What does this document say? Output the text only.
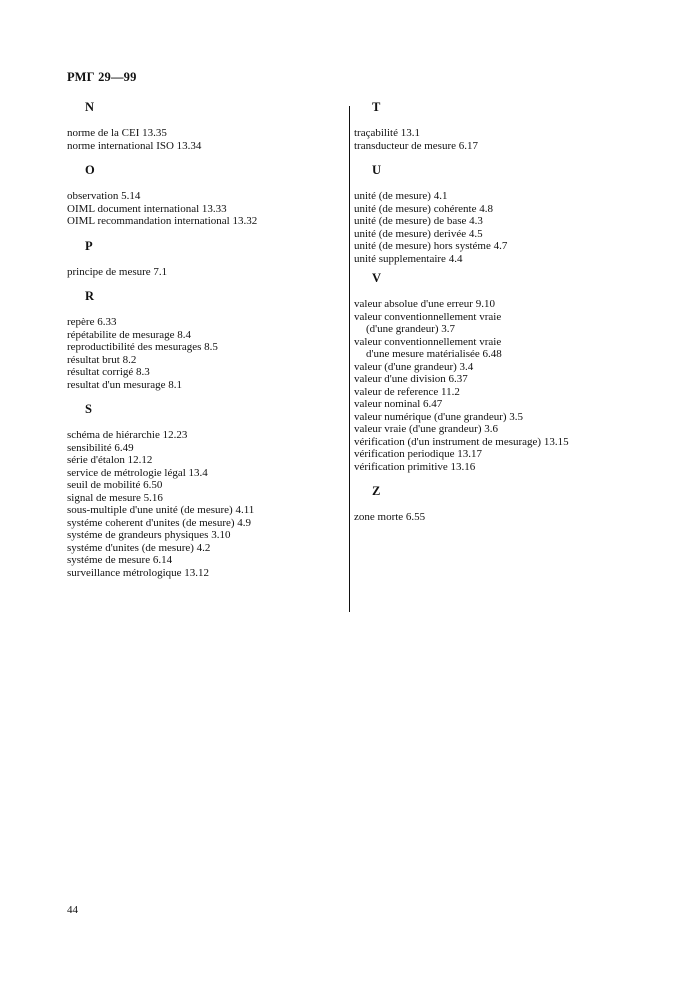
РМГ 29—99
N
norme de la CEI 13.35
norme international ISO 13.34
O
observation 5.14
OIML document international 13.33
OIML recommandation international 13.32
P
principe de mesure 7.1
R
repère 6.33
répétabilite de mesurage 8.4
reproductibilité des mesurages 8.5
résultat brut 8.2
résultat corrigé 8.3
resultat d'un mesurage 8.1
S
schéma de hiérarchie 12.23
sensibilité 6.49
série d'étalon 12.12
service de métrologie légal 13.4
seuil de mobilité 6.50
signal de mesure 5.16
sous-multiple d'une unité (de mesure) 4.11
systéme coherent d'unites (de mesure) 4.9
systéme de grandeurs physiques 3.10
systéme d'unites (de mesure) 4.2
systéme de mesure 6.14
surveillance métrologique 13.12
T
traçabilité 13.1
transducteur de mesure 6.17
U
unité (de mesure) 4.1
unité (de mesure) cohérente 4.8
unité (de mesure) de base 4.3
unité (de mesure) derivée 4.5
unité (de mesure) hors systéme 4.7
unité supplementaire 4.4
V
valeur absolue d'une erreur 9.10
valeur conventionnellement vraie
(d'une grandeur) 3.7
valeur conventionnellement vraie
d'une mesure matérialisée 6.48
valeur (d'une grandeur) 3.4
valeur d'une division 6.37
valeur de reference 11.2
valeur nominal 6.47
valeur numérique (d'une grandeur) 3.5
valeur vraie (d'une grandeur) 3.6
vérification (d'un instrument de mesurage) 13.15
vérification periodique 13.17
vérification primitive 13.16
Z
zone morte 6.55
44
